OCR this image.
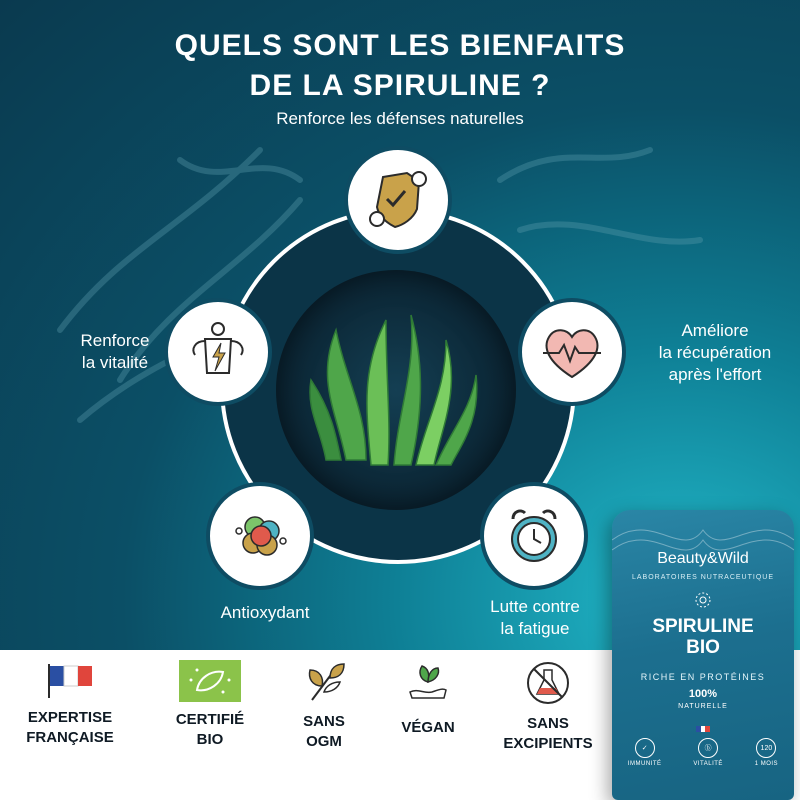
QUELS SONT LES BIENFAITS
DE LA SPIRULINE ?
Renforce les défenses naturelles
Améliore
la récupération
après l'effort
Lutte contre
la fatigue
Antioxydant
Renforce
la vitalité
EXPERTISE
FRANÇAISE
CERTIFIÉ
BIO
SANS
OGM
VÉGAN	SANS
EXCIPIENTS
Beauty&Wild
LABORATOIRES NUTRACEUTIQUE
SPIRULINE
BIO
RICHE EN PROTÉINES
100%
NATURELLE
✓
IMMUNITÉ
ⓑ
VITALITÉ
120
1 MOIS
